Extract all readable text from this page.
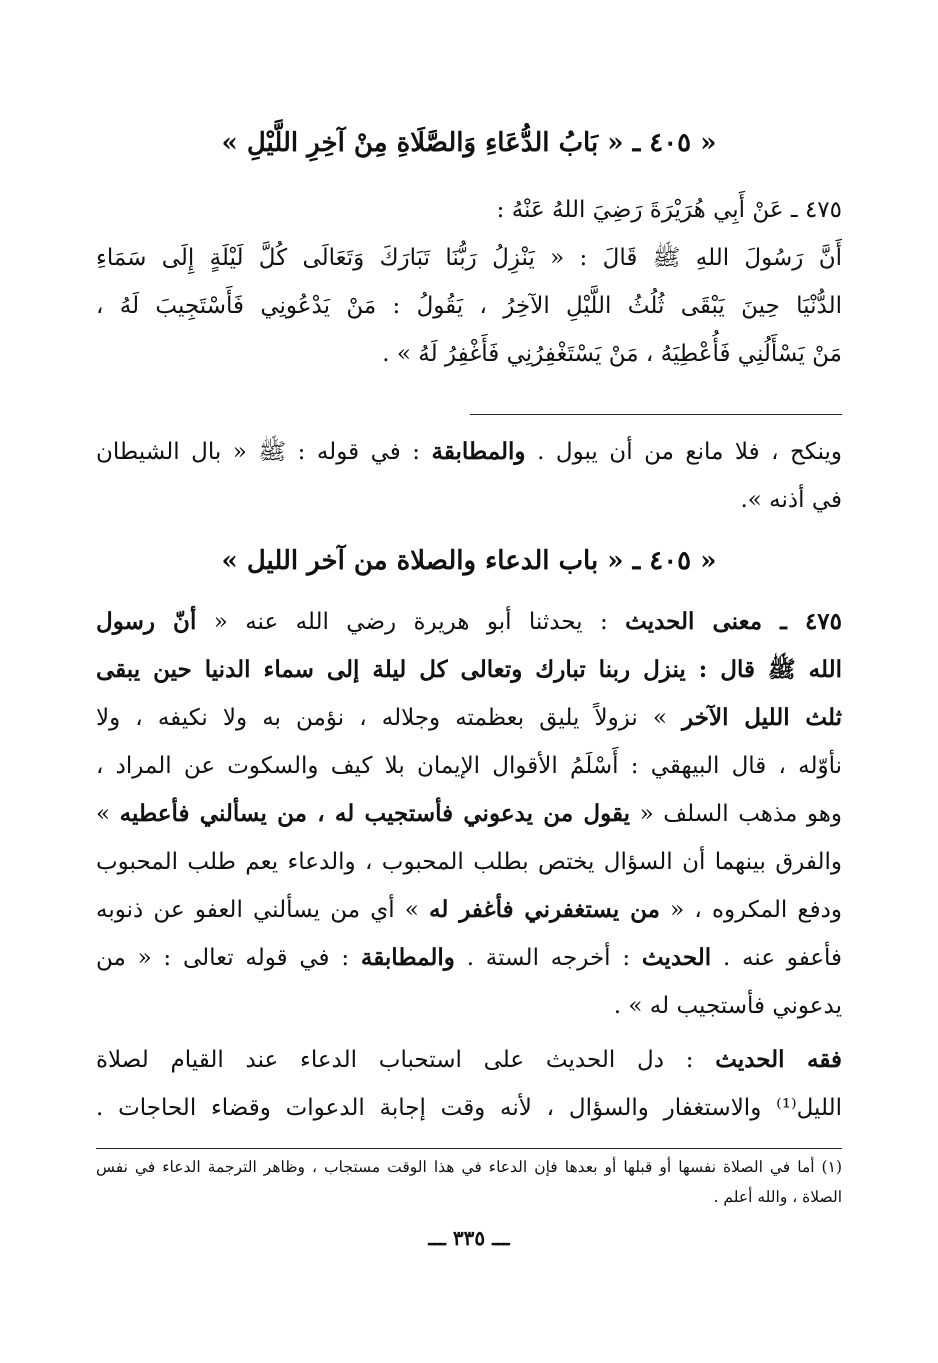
« ٤٠٥ ـ « بَابُ الدُّعَاءِ وَالصَّلَاةِ مِنْ آخِرِ اللَّيْلِ »
٤٧٥ ـ عَنْ أَبِي هُرَيْرَةَ رَضِيَ اللهُ عَنْهُ :
أَنَّ رَسُولَ اللهِ ﷺ قَالَ : « يَنْزِلُ رَبُّنَا تَبَارَكَ وَتَعَالَى كُلَّ لَيْلَةٍ إِلَى سَمَاءِ
الدُّنْيَا حِينَ يَبْقَى ثُلُثُ اللَّيْلِ الآخِرُ ، يَقُولُ : مَنْ يَدْعُونِي فَأَسْتَجِيبَ لَهُ ،
مَنْ يَسْأَلُنِي فَأُعْطِيَهُ ، مَنْ يَسْتَغْفِرُنِي فَأَغْفِرُ لَهُ » .
وينكح ، فلا مانع من أن يبول . والمطابقة : في قوله : ﷺ « بال الشيطان
في أذنه ».
« ٤٠٥ ـ « باب الدعاء والصلاة من آخر الليل »
٤٧٥ ـ معنى الحديث : يحدثنا أبو هريرة رضي الله عنه « أنّ رسول
الله ﷺ قال : ينزل ربنا تبارك وتعالى كل ليلة إلى سماء الدنيا حين يبقى
ثلث الليل الآخر » نزولاً يليق بعظمته وجلاله ، نؤمن به ولا نكيفه ، ولا
نأوّله ، قال البيهقي : أَسْلَمُ الأقوال الإيمان بلا كيف والسكوت عن المراد ،
وهو مذهب السلف « يقول من يدعوني فأستجيب له ، من يسألني فأعطيه »
والفرق بينهما أن السؤال يختص بطلب المحبوب ، والدعاء يعم طلب المحبوب
ودفع المكروه ، « من يستغفرني فأغفر له » أي من يسألني العفو عن ذنوبه
فأعفو عنه . الحديث : أخرجه الستة . والمطابقة : في قوله تعالى : « من
يدعوني فأستجيب له » .
فقه الحديث : دل الحديث على استحباب الدعاء عند القيام لصلاة
الليل⁽¹⁾ والاستغفار والسؤال ، لأنه وقت إجابة الدعوات وقضاء الحاجات .
(١) أما في الصلاة نفسها أو قبلها أو بعدها فإن الدعاء في هذا الوقت مستجاب ، وظاهر الترجمة الدعاء في نفس
الصلاة ، والله أعلم .
ـــ ٣٣٥ ـــ
